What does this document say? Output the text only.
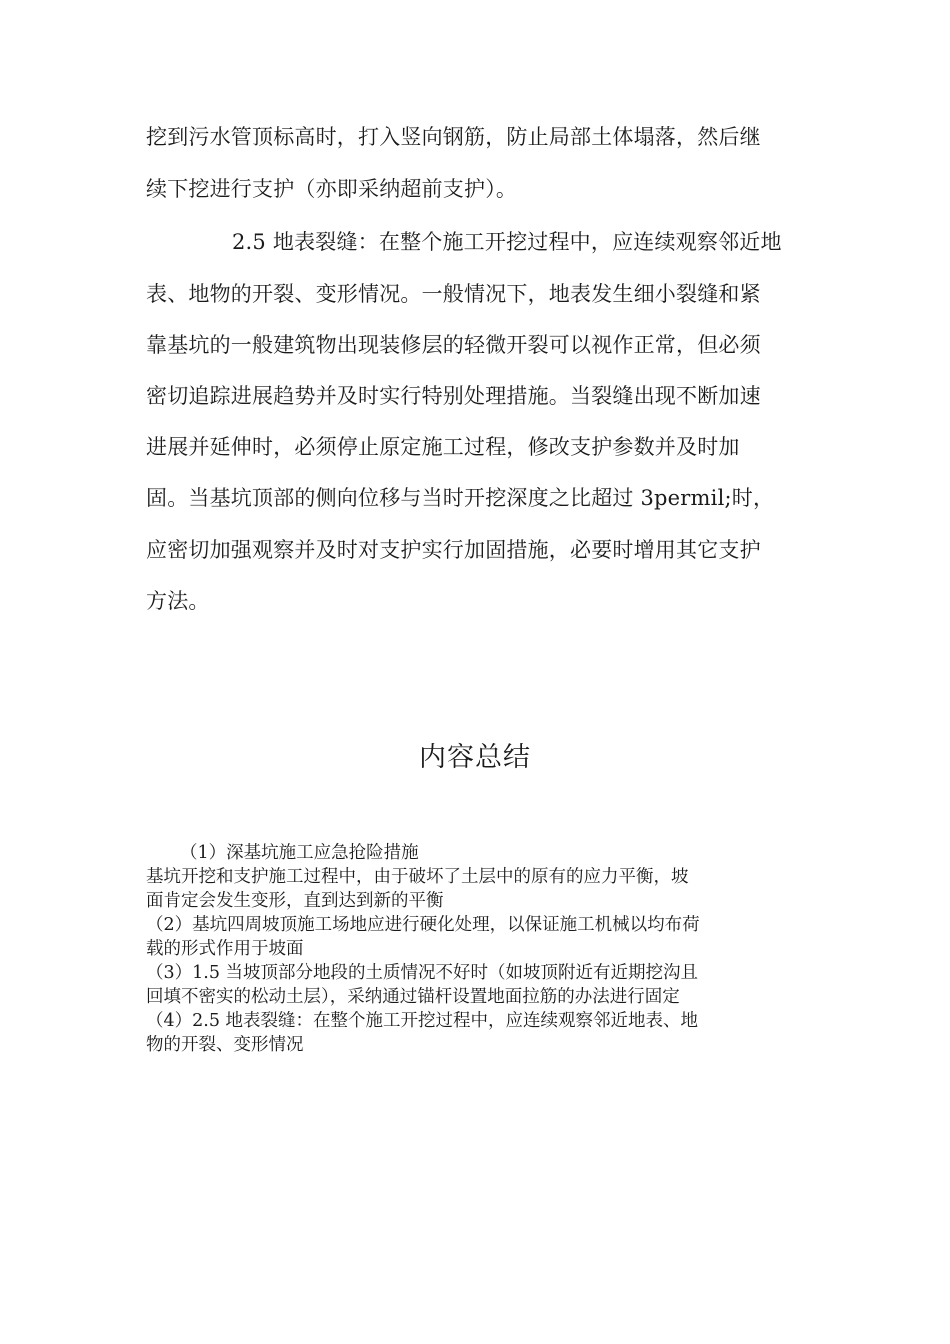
挖到污水管顶标高时，打入竖向钢筋，防止局部土体塌落，然后继
续下挖进行支护（亦即采纳超前支护）。
2.5 地表裂缝：在整个施工开挖过程中，应连续观察邻近地
表、地物的开裂、变形情况。一般情况下，地表发生细小裂缝和紧
靠基坑的一般建筑物出现装修层的轻微开裂可以视作正常，但必须
密切追踪进展趋势并及时实行特别处理措施。当裂缝出现不断加速
进展并延伸时，必须停止原定施工过程，修改支护参数并及时加
固。当基坑顶部的侧向位移与当时开挖深度之比超过 3permil;时，
应密切加强观察并及时对支护实行加固措施，必要时增用其它支护
方法。
内容总结
（1）深基坑施工应急抢险措施
基坑开挖和支护施工过程中，由于破坏了土层中的原有的应力平衡，坡
面肯定会发生变形，直到达到新的平衡
（2）基坑四周坡顶施工场地应进行硬化处理，以保证施工机械以均布荷
载的形式作用于坡面
（3）1.5 当坡顶部分地段的土质情况不好时（如坡顶附近有近期挖沟且
回填不密实的松动土层），采纳通过锚杆设置地面拉筋的办法进行固定
（4）2.5 地表裂缝：在整个施工开挖过程中，应连续观察邻近地表、地
物的开裂、变形情况
